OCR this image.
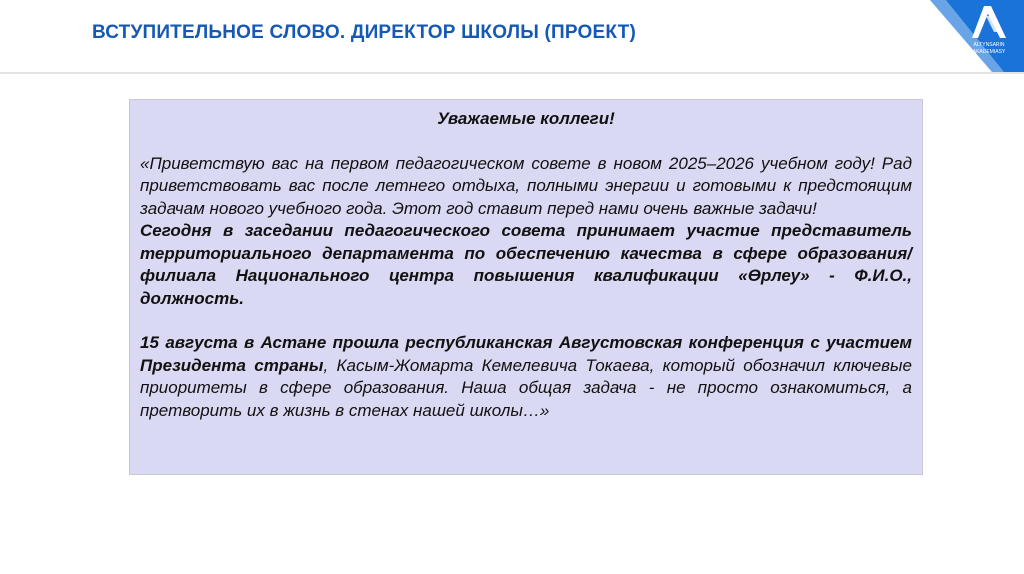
ВСТУПИТЕЛЬНОЕ СЛОВО. ДИРЕКТОР ШКОЛЫ (ПРОЕКТ)
ALTYNSARIN
AKADEMIASY

Уважаемые коллеги!

«Приветствую вас на первом педагогическом совете в новом 2025–2026 учебном году! Рад приветствовать вас после летнего отдыха, полными энергии и готовыми к предстоящим задачам нового учебного года. Этот год ставит перед нами очень важные задачи!

Сегодня в заседании педагогического совета принимает участие представитель территориального департамента по обеспечению качества в сфере образования/ филиала Национального центра повышения квалификации «Өрлеу» - Ф.И.О., должность.

15 августа в Астане прошла республиканская Августовская конференция с участием Президента страны, Касым-Жомарта Кемелевича Токаева, который обозначил ключевые приоритеты в сфере образования. Наша общая задача - не просто ознакомиться, а претворить их в жизнь в стенах нашей школы…»
